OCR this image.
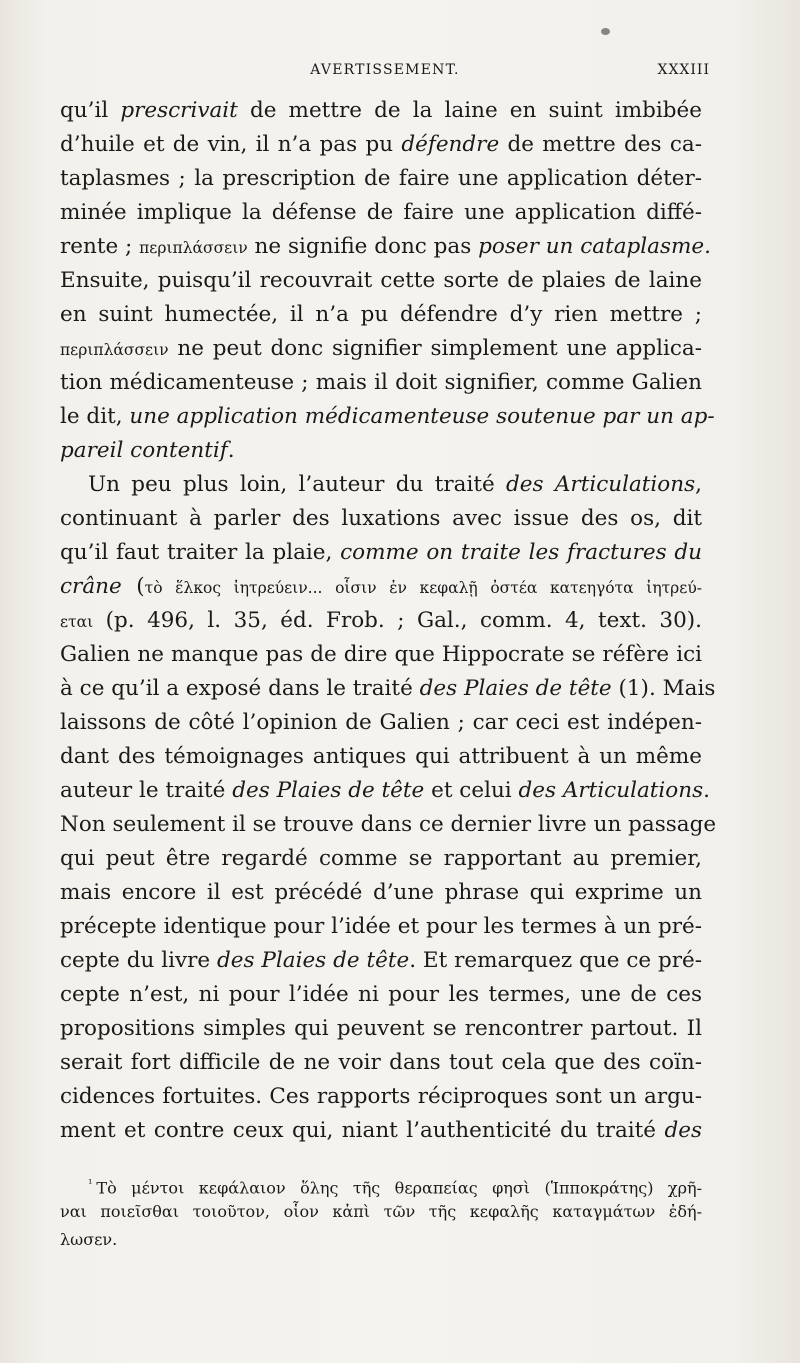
AVERTISSEMENT.	XXXIII
qu’il prescrivait de mettre de la laine en suint imbibée
d’huile et de vin, il n’a pas pu défendre de mettre des ca-
taplasmes ; la prescription de faire une application déter-
minée implique la défense de faire une application diffé-
rente ; περιπλάσσειν ne signifie donc pas poser un cataplasme.
Ensuite, puisqu’il recouvrait cette sorte de plaies de laine
en suint humectée, il n’a pu défendre d’y rien mettre ;
περιπλάσσειν ne peut donc signifier simplement une applica-
tion médicamenteuse ; mais il doit signifier, comme Galien
le dit, une application médicamenteuse soutenue par un ap-
pareil contentif.
Un peu plus loin, l’auteur du traité des Articulations,
continuant à parler des luxations avec issue des os, dit
qu’il faut traiter la plaie, comme on traite les fractures du
crâne (τὸ ἕλκος ἰητρεύειν... οἷσιν ἐν κεφαλῇ ὀστέα κατεηγότα ἰητρεύ-
εται (p. 496, l. 35, éd. Frob. ; Gal., comm. 4, text. 30).
Galien ne manque pas de dire que Hippocrate se réfère ici
à ce qu’il a exposé dans le traité des Plaies de tête (1). Mais
laissons de côté l’opinion de Galien ; car ceci est indépen-
dant des témoignages antiques qui attribuent à un même
auteur le traité des Plaies de tête et celui des Articulations.
Non seulement il se trouve dans ce dernier livre un passage
qui peut être regardé comme se rapportant au premier,
mais encore il est précédé d’une phrase qui exprime un
précepte identique pour l’idée et pour les termes à un pré-
cepte du livre des Plaies de tête. Et remarquez que ce pré-
cepte n’est, ni pour l’idée ni pour les termes, une de ces
propositions simples qui peuvent se rencontrer partout. Il
serait fort difficile de ne voir dans tout cela que des coïn-
cidences fortuites. Ces rapports réciproques sont un argu-
ment et contre ceux qui, niant l’authenticité du traité des
$^{^1}$ Τὸ μέντοι κεφάλαιον ὅλης τῆς θεραπείας φησὶ (Ἱπποκράτης) χρῆ-
ναι ποιεῖσθαι τοιοῦτον, οἷον κἀπὶ τῶν τῆς κεφαλῆς καταγμάτων ἐδή-
λωσεν.
